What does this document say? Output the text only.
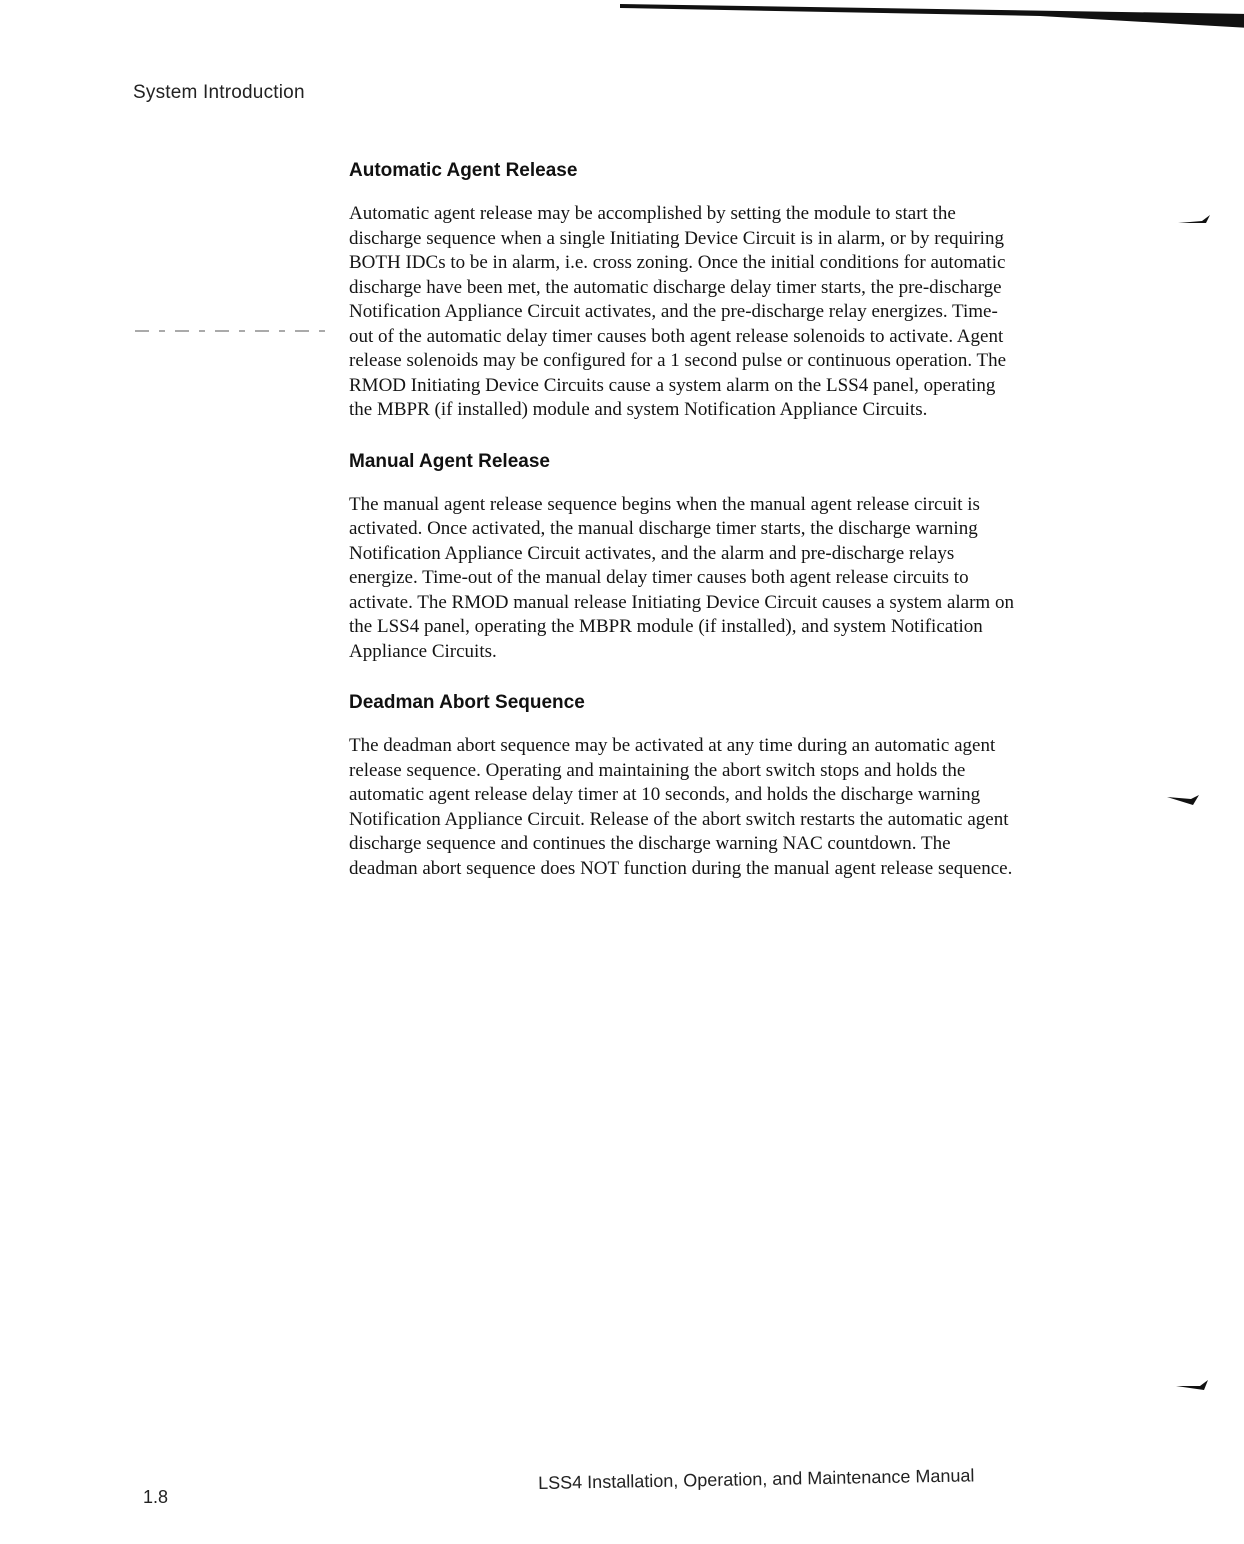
System Introduction
Automatic Agent Release

Automatic agent release may be accomplished by setting the module to start the discharge sequence when a single Initiating Device Circuit is in alarm, or by requiring BOTH IDCs to be in alarm, i.e. cross zoning. Once the initial conditions for automatic discharge have been met, the automatic discharge delay timer starts, the pre-discharge Notification Appliance Circuit activates, and the pre-discharge relay energizes. Time-out of the automatic delay timer causes both agent release solenoids to activate. Agent release solenoids may be configured for a 1 second pulse or continuous operation. The RMOD Initiating Device Circuits cause a system alarm on the LSS4 panel, operating the MBPR (if installed) module and system Notification Appliance Circuits.

Manual Agent Release

The manual agent release sequence begins when the manual agent release circuit is activated. Once activated, the manual discharge timer starts, the discharge warning Notification Appliance Circuit activates, and the alarm and pre-discharge relays energize. Time-out of the manual delay timer causes both agent release circuits to activate. The RMOD manual release Initiating Device Circuit causes a system alarm on the LSS4 panel, operating the MBPR module (if installed), and system Notification Appliance Circuits.

Deadman Abort Sequence

The deadman abort sequence may be activated at any time during an automatic agent release sequence. Operating and maintaining the abort switch stops and holds the automatic agent release delay timer at 10 seconds, and holds the discharge warning Notification Appliance Circuit. Release of the abort switch restarts the automatic agent discharge sequence and continues the discharge warning NAC countdown. The deadman abort sequence does NOT function during the manual agent release sequence.

1.8
LSS4 Installation, Operation, and Maintenance Manual
